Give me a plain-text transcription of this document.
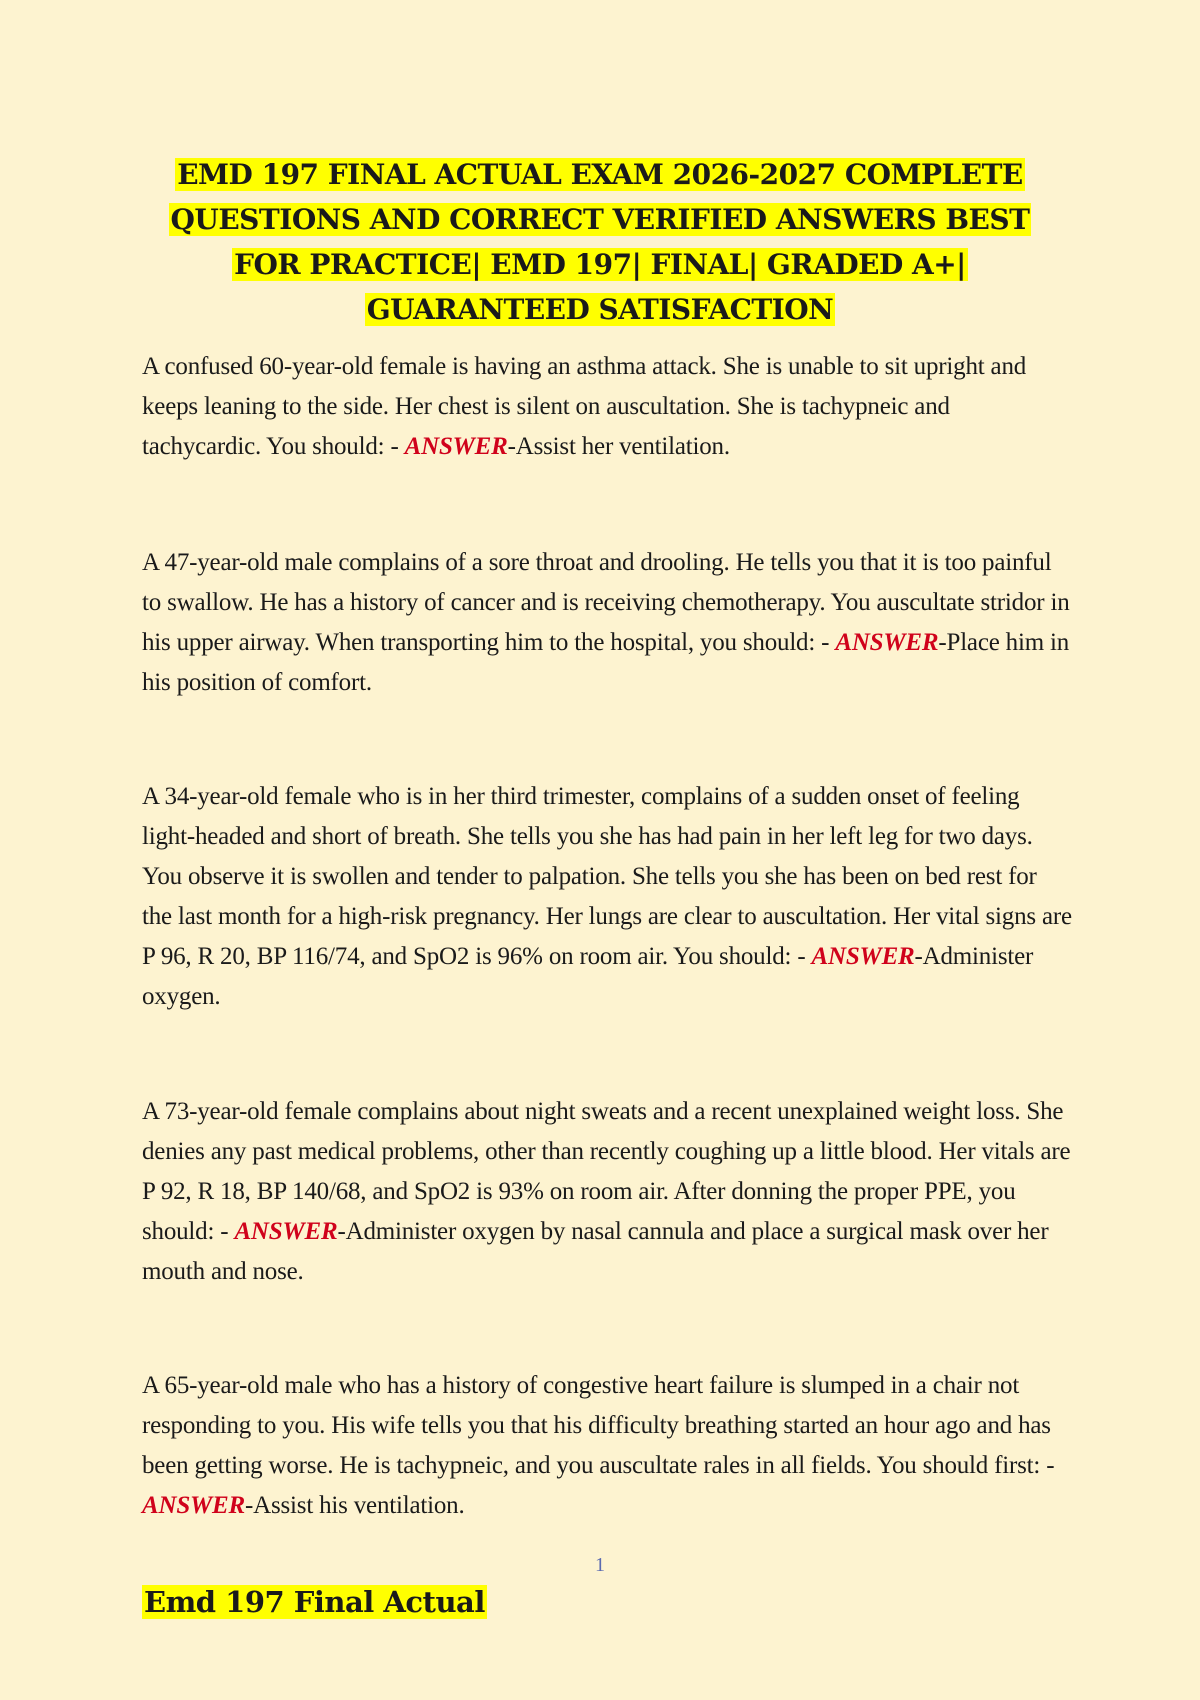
EMD 197 FINAL ACTUAL EXAM 2026-2027 COMPLETE
QUESTIONS AND CORRECT VERIFIED ANSWERS BEST
FOR PRACTICE| EMD 197| FINAL| GRADED A+|
GUARANTEED SATISFACTION

A confused 60-year-old female is having an asthma attack. She is unable to sit upright and keeps leaning to the side. Her chest is silent on auscultation. She is tachypneic and tachycardic. You should: - ANSWER-Assist her ventilation.

A 47-year-old male complains of a sore throat and drooling. He tells you that it is too painful to swallow. He has a history of cancer and is receiving chemotherapy. You auscultate stridor in his upper airway. When transporting him to the hospital, you should: - ANSWER-Place him in his position of comfort.

A 34-year-old female who is in her third trimester, complains of a sudden onset of feeling light-headed and short of breath. She tells you she has had pain in her left leg for two days. You observe it is swollen and tender to palpation. She tells you she has been on bed rest for the last month for a high-risk pregnancy. Her lungs are clear to auscultation. Her vital signs are P 96, R 20, BP 116/74, and SpO2 is 96% on room air. You should: - ANSWER-Administer oxygen.

A 73-year-old female complains about night sweats and a recent unexplained weight loss. She denies any past medical problems, other than recently coughing up a little blood. Her vitals are P 92, R 18, BP 140/68, and SpO2 is 93% on room air. After donning the proper PPE, you should: - ANSWER-Administer oxygen by nasal cannula and place a surgical mask over her mouth and nose.

A 65-year-old male who has a history of congestive heart failure is slumped in a chair not responding to you. His wife tells you that his difficulty breathing started an hour ago and has been getting worse. He is tachypneic, and you auscultate rales in all fields. You should first: - ANSWER-Assist his ventilation.

1
Emd 197 Final Actual
